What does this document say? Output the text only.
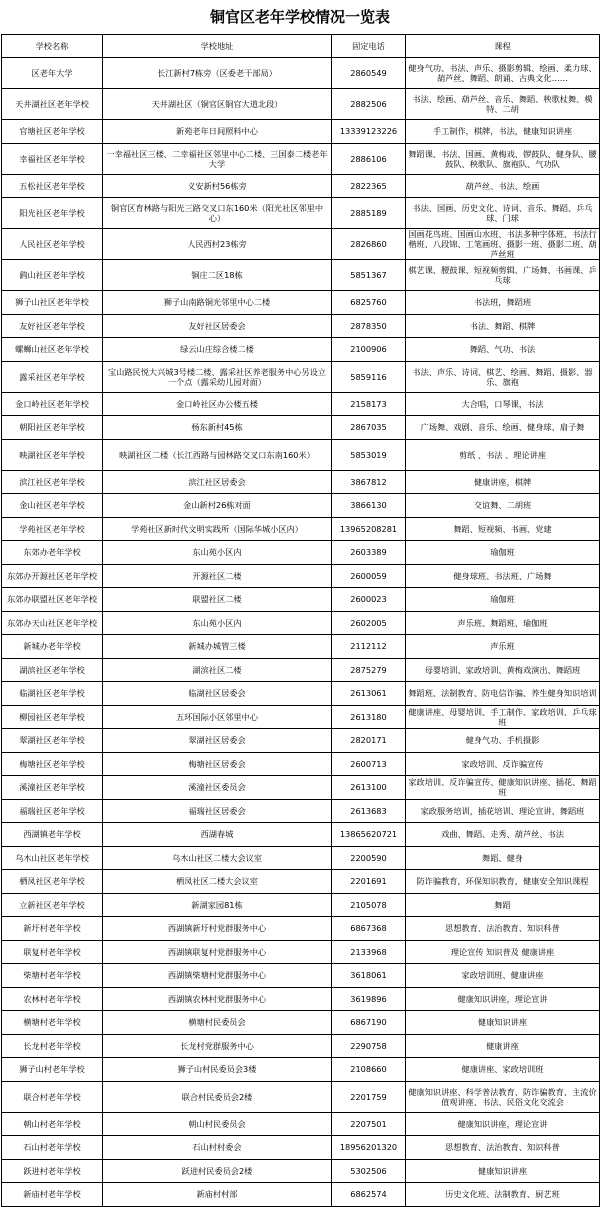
铜官区老年学校情况一览表
学校名称	学校地址	固定电话	课程
区老年大学	长江新村7栋旁（区委老干部局）	2860549	健身气功、书法、声乐、摄影剪辑、绘画、柔力球、葫芦丝、舞蹈、朗诵、古典文化……
天井湖社区老年学校	天井湖社区（铜官区铜官大道北段）	2882506	书法、绘画、葫芦丝、音乐、舞蹈、秧歌杖舞、模特、二胡
官塘社区老年学校	新苑老年日间照料中心	13339123226	手工制作，棋牌，书法，健康知识讲座
幸福社区老年学校	一幸福社区三楼、二幸福社区邻里中心二楼、三国泰二楼老年大学	2886106	舞蹈课、书法、国画、黄梅戏、锣鼓队、健身队、腰鼓队、秧歌队、旗袍队、气功队
五松社区老年学校	义安新村56栋旁	2822365	葫芦丝、书法、绘画
阳光社区老年学校	铜官区育林路与阳光三路交叉口东160米（阳光社区邻里中心）	2885189	书法、国画、历史文化、诗词、音乐、舞蹈、乒乓球、门球
人民社区老年学校	人民西村23栋旁	2826860	国画花鸟班、国画山水班、书法多种字体班、书法行楷班、八段锦、工笔画班、摄影一班、摄影二班、葫芦丝班
鹞山社区老年学校	铜庄二区18栋	5851367	棋艺课、腰鼓课、短视频剪辑、广场舞、书画课、乒乓球
狮子山社区老年学校	狮子山南路铜光邻里中心二楼	6825760	书法班，舞蹈班
友好社区老年学校	友好社区居委会	2878350	书法、舞蹈、棋牌
螺蛳山社区老年学校	绿云山庄综合楼二楼	2100906	舞蹈、气功、书法
露采社区老年学校	宝山路民悦大兴城3号楼二楼、露采社区养老服务中心另设立一个点（露采幼儿园对面）	5859116	书法、声乐、诗词、棋艺、绘画、舞蹈、摄影、器乐、旗袍
金口岭社区老年学校	金口岭社区办公楼五楼	2158173	大合唱，口琴课，书法
朝阳社区老年学校	杨东新村45栋	2867035	广场舞、戏剧、音乐、绘画、健身球、扇子舞
映湖社区老年学校	映湖社区二楼（长江西路与园林路交叉口东南160米）	5853019	剪纸 、书法 、理论讲座
滨江社区老年学校	滨江社区居委会	3867812	健康讲座，棋牌
金山社区老年学校	金山新村26栋对面	3866130	交谊舞、二胡班
学苑社区老年学校	学苑社区新时代文明实践所（国际华城小区内）	13965208281	舞蹈、短视频、书画、党建
东郊办老年学校	东山苑小区内	2603389	瑜伽班
东郊办开源社区老年学校	开源社区二楼	2600059	健身球班、书法班、广场舞
东郊办联盟社区老年学校	联盟社区二楼	2600023	瑜伽班
东郊办天山社区老年学校	东山苑小区内	2602005	声乐班、舞蹈班、瑜伽班
新城办老年学校	新城办城管三楼	2112112	声乐班
湖滨社区老年学校	湖滨社区二楼	2875279	母婴培训、家政培训、黄梅戏演出、舞蹈班
临湖社区老年学校	临湖社区居委会	2613061	舞蹈班、法制教育、防电信诈骗、养生健身知识培训
柳园社区老年学校	五环国际小区邻里中心	2613180	健康讲座、母婴培训、手工制作、家政培训、乒乓球班
翠湖社区老年学校	翠湖社区居委会	2820171	健身气功、手机摄影
梅塘社区老年学校	梅塘社区居委会	2600713	家政培训、反诈骗宣传
溪潼社区老年学校	溪潼社区委员会	2613100	家政培训、反诈骗宣传、健康知识讲座、插花、舞蹈班
福瑞社区老年学校	福瑞社区居委会	2613683	家政服务培训，插花培训、理论宣讲、舞蹈班
西湖镇老年学校	西湖春城	13865620721	戏曲、舞蹈、走秀、葫芦丝、书法
乌木山社区老年学校	乌木山社区二楼大会议室	2200590	舞蹈、健身
栖凤社区老年学校	栖凤社区二楼大会议室	2201691	防诈骗教育，环保知识教育，健康安全知识课程
立新社区老年学校	新湖家园81栋	2105078	舞蹈
新圩村老年学校	西湖镇新圩村党群服务中心	6867368	思想教育、法治教育、知识科普
联复村老年学校	西湖镇联复村党群服务中心	2133968	理论宣传 知识普及 健康讲座
柴塘村老年学校	西湖镇柴塘村党群服务中心	3618061	家政培训班、健康讲座
农林村老年学校	西湖镇农林村党群服务中心	3619896	健康知识讲座，理论宣讲
横塘村老年学校	横塘村民委员会	6867190	健康知识讲座
长龙村老年学校	长龙村党群服务中心	2290758	健康讲座
狮子山村老年学校	狮子山村民委员会3楼	2108660	健康讲座、家政培训班
联合村老年学校	联合村民委员会2楼	2201759	健康知识讲座、科学普法教育、防诈骗教育、主流价值观讲座、书法、民俗文化交流会
朝山村老年学校	朝山村民委员会	2207501	健康知识讲座，理论宣讲
石山村老年学校	石山村村委会	18956201320	思想教育、法治教育、知识科普
跃进村老年学校	跃进村民委员会2楼	5302506	健康知识讲座
新庙村老年学校	新庙村村部	6862574	历史文化班、法制教育、厨艺班
